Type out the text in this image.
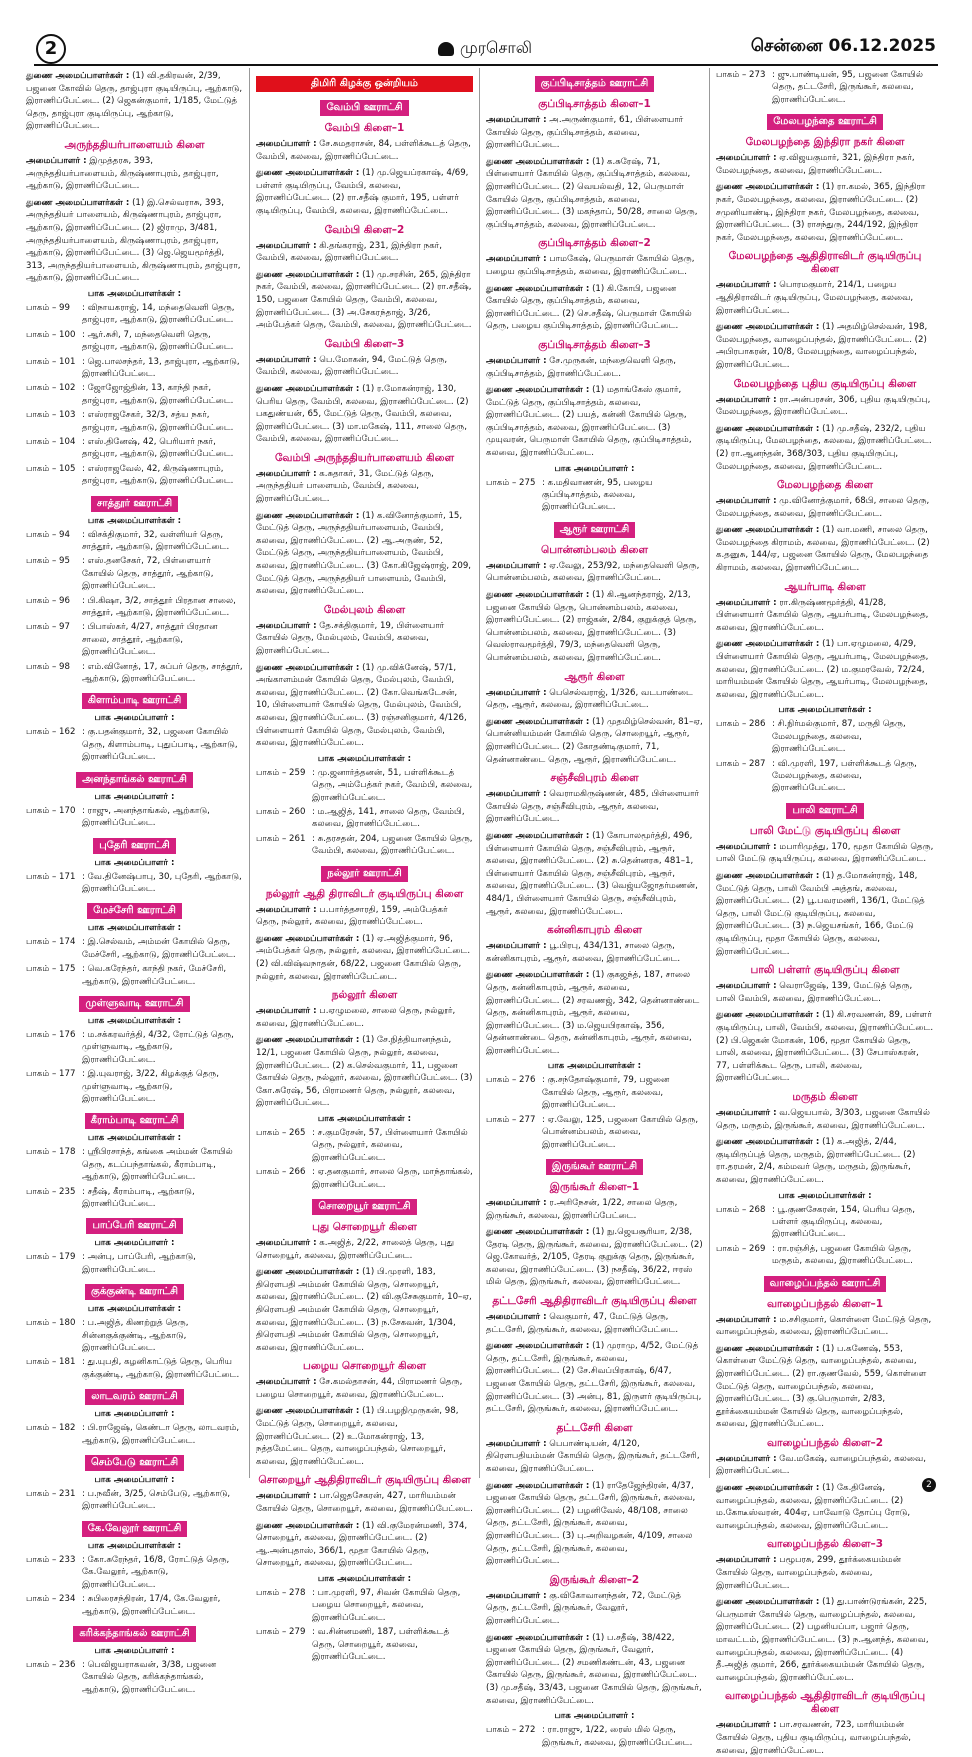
2	முரசொலி	சென்னை 06.12.2025
துணை அமைப்பாளர்கள் : (1) வி.தகிரவன், 2/39, பஜனை கோவில் தெரு, தாஜ்புரா குடியிருப்பு, ஆற்காடு, இராணிப்பேட்டை. (2) ஜெகன்குமார், 1/185, மேட்டுத் தெரு, தாஜ்புரா குடியிருப்பு, ஆற்காடு, இராணிப்பேட்டை.
அருந்ததியர்பாளையம் கிளை
அமைப்பாளர் : இமுத்தரசு, 393, அருந்ததியர்பாளையம், கிருஷ்ணாபுரம், தாஜ்புரா, ஆற்காடு, இராணிப்பேட்டை.
துணை அமைப்பாளர்கள் : (1) இ.செல்வராசு, 393, அருந்ததியர் பாளையம், கிருஷ்ணாபுரம், தாஜ்புரா, ஆற்காடு, இராணிப்பேட்டை. (2) ஜிராமு, 3/481, அருந்ததியர்பாளையம், கிருஷ்ணாபுரம், தாஜ்புரா, ஆற்காடு, இராணிப்பேட்டை. (3) ஜெ.ஜெயமூர்த்தி, 313, அருந்ததியர்பாளையம், கிருஷ்ணாபுரம், தாஜ்புரா, ஆற்காடு, இராணிப்பேட்டை.
பாக அமைப்பாளர்கள் :
பாகம் – 99	: விநாயகராஜ், 14, மந்தைவெளி தெரு, தாஜ்புரா, ஆற்காடு, இராணிப்பேட்டை.
பாகம் – 100 : ஆர்.சுசி, 7, மந்தைவெளி தெரு, தாஜ்புரா, ஆற்காடு, இராணிப்பேட்டை.
பாகம் – 101 : ஜெ.பாலசந்தர், 13, தாஜ்புரா, ஆற்காடு, இராணிப்பேட்டை.
பாகம் – 102 : ஜோஜோஜ்தின், 13, காந்தி நகர், தாஜ்புரா, ஆற்காடு, இராணிப்பேட்டை.
பாகம் – 103 : எஸ்ராஜசேகர், 32/3, சத்ய நகர், தாஜ்புரா, ஆற்காடு, இராணிப்பேட்டை.
பாகம் – 104 : எஸ்.தினேஷ், 42, பெரியார் நகர், தாஜ்புரா, ஆற்காடு, இராணிப்பேட்டை.
பாகம் – 105 : எஸ்ராஜவேல், 42, கிருஷ்ணாபுரம், தாஜ்புரா, ஆற்காடு, இராணிப்பேட்டை.
சாத்தூர் ஊராட்சி
பாக அமைப்பாளர்கள் :
பாகம் – 94	: விசக்திகுமார், 32, வள்ளியர் தெரு, சாத்தூர், ஆற்காடு, இராணிப்பேட்டை.
பாகம் – 95	: எஸ்.தனசேகர், 72, பிள்ளையார் கோயில் தெரு, சாத்தூர், ஆற்காடு, இராணிப்பேட்டை.
பாகம் – 96	: பி.கிஷா, 3/2, சாத்தூர் பிரதான சாலை, சாத்தூர், ஆற்காடு, இராணிப்பேட்டை.
பாகம் – 97	: பிபாஸ்கர், 4/27, சாத்தூர் பிரதான சாலை, சாத்தூர், ஆற்காடு, இராணிப்பேட்டை.
பாகம் – 98	: எம்.வினோத், 17, சுப்பர் தெரு, சாத்தூர், ஆற்காடு, இராணிப்பேட்டை.
கிளாம்பாடி ஊராட்சி
பாக அமைப்பாளர் :
பாகம் – 162 : கு.பதன்குமார், 32, பஜனை கோயில் தெரு, கிளாம்பாடி, புதுப்பாடி, ஆற்காடு, இராணிப்பேட்டை.
அனந்தாங்கல் ஊராட்சி
பாக அமைப்பாளர் :
பாகம் – 170 : ராஜு, அனந்தாங்கல், ஆற்காடு, இராணிப்பேட்டை.
புதேரி ஊராட்சி
பாக அமைப்பாளர் :
பாகம் – 171 : வே.தினேஷ்பாபு, 30, புதேரி, ஆற்காடு, இராணிப்பேட்டை.
மேச்சேரி ஊராட்சி
பாக அமைப்பாளர்கள் :
பாகம் – 174 : இ.செல்வம், அம்மன் கோயில் தெரு, மேச்சேரி, ஆற்காடு, இராணிப்பேட்டை.
பாகம் – 175 : வெ.கரேந்தர், காந்தி நகர், மேச்சேரி, ஆற்காடு, இராணிப்பேட்டை.
முள்ளுவாடி ஊராட்சி
பாக அமைப்பாளர்கள் :
பாகம் – 176 : ம.சக்கரவர்த்தி, 4/32, ரோட்டுத் தெரு, முள்ளுவாடி, ஆற்காடு, இராணிப்பேட்டை.
பாகம் – 177 : இ.யுவராஜ், 3/22, கிழக்குத் தெரு, முள்ளுவாடி, ஆற்காடு, இராணிப்பேட்டை.
கீராம்பாடி ஊராட்சி
பாக அமைப்பாளர்கள் :
பாகம் – 178 : ஸ்ரீபிரசாந்த், கங்கை அம்மன் கோயில் தெரு, கடப்பந்தாங்கல், கீராம்பாடி, ஆற்காடு, இராணிப்பேட்டை.
பாகம் – 235 : சதீஷ், கீராம்பாடி, ஆற்காடு, இராணிப்பேட்டை.
பாப்பேரி ஊராட்சி
பாக அமைப்பாளர் :
பாகம் – 179 : அன்பு, பாப்பேரி, ஆற்காடு, இராணிப்பேட்டை.
குக்குண்டி ஊராட்சி
பாக அமைப்பாளர்கள் :
பாகம் – 180 : ப.அஜித், கிணற்றுத் தெரு, சின்னகுக்குண்டி, ஆற்காடு, இராணிப்பேட்டை.
பாகம் – 181 : து.யுபதி, கழனிகாட்டுத் தெரு, பெரிய குக்குண்டி, ஆற்காடு, இராணிப்பேட்டை.
லாடவரம் ஊராட்சி
பாக அமைப்பாளர் :
பாகம் – 182 : பி.ராஜேஷ், கெண்டா தெரு, லாடவரம், ஆற்காடு, இராணிப்பேட்டை.
செம்பேடு ஊராட்சி
பாக அமைப்பாளர் :
பாகம் – 231 : ப.நவீன், 3/25, செம்பேடு, ஆற்காடு, இராணிப்பேட்டை.
கே.வேலூர் ஊராட்சி
பாக அமைப்பாளர்கள் :
பாகம் – 233 : கோ.சுரேந்தர், 16/8, ரோட்டுத் தெரு, கே.வேலூர், ஆற்காடு, இராணிப்பேட்டை.
பாகம் – 234 : சுபிரைசந்திரன், 17/4, கே.வேலூர், ஆற்காடு, இராணிப்பேட்டை.
கரிக்கந்தாங்கல் ஊராட்சி
பாக அமைப்பாளர் :
பாகம் – 236 : பெவிஜயராகவன், 3/38, பஜனை கோயில் தெரு, கரிக்கந்தாங்கல், ஆற்காடு, இராணிப்பேட்டை.
திமிரி கிழக்கு ஒன்றியம்
வேம்பி ஊராட்சி
வேம்பி கிளை–1
அமைப்பாளர் : சே.சுமதராசன், 84, பள்ளிக்கூடத் தெரு, வேம்பி, கலவை, இராணிப்பேட்டை.
துணை அமைப்பாளர்கள் : (1) மு.ஜெயப்ரகாஷ், 4/69, பள்ளர் குடியிருப்பு, வேம்பி, கலவை, இராணிப்பேட்டை. (2) ரா.சதீஷ் குமார், 195, பள்ளர் குடியிருப்பு, வேம்பி, கலவை, இராணிப்பேட்டை.
வேம்பி கிளை–2
அமைப்பாளர் : கி.தங்கராஜ், 231, இந்திரா நகர், வேம்பி, கலவை, இராணிப்பேட்டை.
துணை அமைப்பாளர்கள் : (1) மு.சரசின், 265, இந்திரா நகர், வேம்பி, கலவை, இராணிப்பேட்டை. (2) ரா.சதீஷ், 150, பஜனை கோயில் தெரு, வேம்பி, கலவை, இராணிப்பேட்டை. (3) அ.சேகரந்தாஜ், 3/26, அம்பேத்கர் தெரு, வேம்பி, கலவை, இராணிப்பேட்டை.
வேம்பி கிளை–3
அமைப்பாளர் : பெ.மோகன், 94, மேட்டுத் தெரு, வேம்பி, கலவை, இராணிப்பேட்டை.
துணை அமைப்பாளர்கள் : (1) ர.மோகன்ராஜ், 130, பெரிய தெரு, வேம்பி, கலவை, இராணிப்பேட்டை. (2) பகதுண்யன், 65, மேட்டுத் தெரு, வேம்பி, கலவை, இராணிப்பேட்டை. (3) மா.மகேஷ், 111, சாலை தெரு, வேம்பி, கலவை, இராணிப்பேட்டை.
வேம்பி அருந்ததியர்பாளையம் கிளை
அமைப்பாளர் : க.சுதாகர், 31, மேட்டுத் தெரு, அருந்ததியர் பாளையம், வேம்பி, கலவை, இராணிப்பேட்டை.
துணை அமைப்பாளர்கள் : (1) க.வினோத்குமார், 15, மேட்டுத் தெரு, அருந்ததியர்பாளையம், வேம்பி, கலவை, இராணிப்பேட்டை. (2) ஆ.அருண், 52, மேட்டுத் தெரு, அருந்ததியர்பாளையம், வேம்பி, கலவை, இராணிப்பேட்டை. (3) கோ.கிஜேஷ்ராஜ், 209, மேட்டுத் தெரு, அருந்ததியர் பாளையம், வேம்பி, கலவை, இராணிப்பேட்டை.
மேல்புலம் கிளை
அமைப்பாளர் : தே.சக்திகுமார், 19, பிள்ளையார் கோயில் தெரு, மேல்புலம், வேம்பி, கலவை, இராணிப்பேட்டை.
துணை அமைப்பாளர்கள் : (1) மு.விக்னேஷ், 57/1, அங்காளம்மன் கோயில் தெரு, மேல்புலம், வேம்பி, கலவை, இராணிப்பேட்டை. (2) கோ.வெங்கடேசன், 10, பிள்ளையார் கோயில் தெரு, மேல்புலம், வேம்பி, கலவை, இராணிப்பேட்டை. (3) ரஞ்சனிகுமார், 4/126, பிள்ளையார் கோயில் தெரு, மேல்புலம், வேம்பி, கலவை, இராணிப்பேட்டை.
பாக அமைப்பாளர்கள் :
பாகம் – 259 : மு.ஜனார்த்தனன், 51, பள்ளிக்கூடத் தெரு, அம்பேத்கர் நகர், வேம்பி, கலவை, இராணிப்பேட்டை.
பாகம் – 260 : ம.ஆஜித், 141, சாலை தெரு, வேம்பி, கலவை, இராணிப்பேட்டை.
பாகம் – 261 : சு.தரசதன், 204, பஜனை கோயில் தெரு, வேம்பி, கலவை, இராணிப்பேட்டை.
நல்லூர் ஊராட்சி
நல்லூர் ஆதி திராவிடர் குடியிருப்பு கிளை
அமைப்பாளர் : ப.பார்த்தசாரதி, 159, அம்பேத்கர் தெரு, நல்லூர், கலவை, இராணிப்பேட்டை.
துணை அமைப்பாளர்கள் : (1) ஏ.அஜித்குமார், 96, அம்பேத்கர் தெரு, நல்லூர், கலவை, இராணிப்பேட்டை. (2) வி.விஷ்வநாதன், 68/22, பஜனை கோயில் தெரு, நல்லூர், கலவை, இராணிப்பேட்டை.
நல்லூர் கிளை
அமைப்பாளர் : ப.ஏழுமலை, சாலை தெரு, நல்லூர், கலவை, இராணிப்பேட்டை.
துணை அமைப்பாளர்கள் : (1) சே.நித்தியானந்தம், 12/1, பஜனை கோயில் தெரு, நல்லூர், கலவை, இராணிப்பேட்டை. (2) க.செல்வகுமார், 11, பஜனை கோயில் தெரு, நல்லூர், கலவை, இராணிப்பேட்டை. (3) கோ.சுரேஷ், 56, பிராமணர் தெரு, நல்லூர், கலவை, இராணிப்பேட்டை.
பாக அமைப்பாளர்கள் :
பாகம் – 265 : ச.குமரேசன், 57, பிள்ளையார் கோயில் தெரு, நல்லூர், கலவை, இராணிப்பேட்டை.
பாகம் – 266 : ஏ.தனகுமார், சாலை தெரு, மாந்தாங்கல், இராணிப்பேட்டை.
சொறையூர் ஊராட்சி
புது சொறையூர் கிளை
அமைப்பாளர் : க.அஜித், 2/22, சாலைத் தெரு, புது சொறையூர், கலவை, இராணிப்பேட்டை.
துணை அமைப்பாளர்கள் : (1) பி.முரளி, 183, திரௌபதி அம்மன் கோயில் தெரு, சொறையூர், கலவை, இராணிப்பேட்டை. (2) வி.குசேசுகுமார், 10–ஏ, திரௌபதி அம்மன் கோயில் தெரு, சொறையூர், கலவை, இராணிப்பேட்டை. (3) ந.சேகவன், 1/304, திரௌபதி அம்மன் கோயில் தெரு, சொறையூர், கலவை, இராணிப்பேட்டை.
பழைய சொறையூர் கிளை
அமைப்பாளர் : சே.கமல்தாசன், 44, பிராமணர் தெரு, பழைய சொறையூர், கலவை, இராணிப்பேட்டை.
துணை அமைப்பாளர்கள் : (1) பி.பழநிமுருகன், 98, மேட்டுத் தெரு, சொறையூர், கலவை, இராணிப்பேட்டை. (2) உ.மோகன்ராஜ், 13, நத்தமேட்டை தெரு, வாழைப்பந்தல், சொறையூர், கலவை, இராணிப்பேட்டை.
சொறையூர் ஆதிதிராவிடர் குடியிருப்பு கிளை
அமைப்பாளர் : பா.ஜெதசேகரன், 427, மாரியம்மன் கோயில் தெரு, சொறையூர், கலவை, இராணிப்பேட்டை.
துணை அமைப்பாளர்கள் : (1) வி.குமேரன்மணி, 374, சொறையூர், கலவை, இராணிப்பேட்டை. (2) ஆ.அன்புதாஸ், 366/1, மூதா கோயில் தெரு, சொறையூர், கலவை, இராணிப்பேட்டை.
பாக அமைப்பாளர்கள் :
பாகம் – 278 : பா.முரளி, 97, சிவன் கோயில் தெரு, பழைய சொறையூர், கலவை, இராணிப்பேட்டை.
பாகம் – 279 : வ.சின்னமணி, 187, பள்ளிக்கூடத் தெரு, சொறையூர், கலவை, இராணிப்பேட்டை.
குப்பிடிசாத்தம் ஊராட்சி
குப்பிடிசாத்தம் கிளை–1
அமைப்பாளர் : அ.அருண்குமார், 61, பிள்ளையார் கோயில் தெரு, குப்பிடிசாத்தம், கலவை, இராணிப்பேட்டை.
துணை அமைப்பாளர்கள் : (1) க.சுரேஷ், 71, பிள்ளையார் கோயில் தெரு, குப்பிடிசாத்தம், கலவை, இராணிப்பேட்டை. (2) வெயல்வதி, 12, பெருமாள் கோயில் தெரு, குப்பிடிசாத்தம், கலவை, இராணிப்பேட்டை. (3) மகந்தாப், 50/28, சாலை தெரு, குப்பிடிசாத்தம், கலவை, இராணிப்பேட்டை.
குப்பிடிசாத்தம் கிளை–2
அமைப்பாளர் : பாமகேஷ், பெருமாள் கோயில் தெரு, பழைய குப்பிடிசாத்தம், கலவை, இராணிப்பேட்டை.
துணை அமைப்பாளர்கள் : (1) கி.கோபி, பஜனை கோயில் தெரு, குப்பிடிசாத்தம், கலவை, இராணிப்பேட்டை. (2) செ.சதீஷ், பெருமாள் கோயில் தெரு, பழைய குப்பிடிசாத்தம், இராணிப்பேட்டை.
குப்பிடிசாத்தம் கிளை–3
அமைப்பாளர் : சே.முருகன், மந்தைவெளி தெரு, குப்பிடிசாத்தம், இராணிப்பேட்டை.
துணை அமைப்பாளர்கள் : (1) மதாங்கேஸ் குமார், மேட்டுத் தெரு, குப்பிடிசாத்தம், கலவை, இராணிப்பேட்டை. (2) பயத், கன்னி கோயில் தெரு, குப்பிடிசாத்தம், கலவை, இராணிப்பேட்டை. (3) முயுவரன், பெருமாள் கோயில் தெரு, குப்பிடிசாத்தம், கலவை, இராணிப்பேட்டை.
பாக அமைப்பாளர் :
பாகம் – 275 : க.மதிவாணன், 95, பழைய குப்பிடிசாத்தம், கலவை, இராணிப்பேட்டை.
ஆரூர் ஊராட்சி
பொன்னம்பலம் கிளை
அமைப்பாளர் : ஏ.வேலு, 253/92, மந்தைவெளி தெரு, பொன்னம்பலம், கலவை, இராணிப்பேட்டை.
துணை அமைப்பாளர்கள் : (1) கி.ஆனந்தராஜ், 2/13, பஜனை கோயில் தெரு, பொன்னம்பலம், கலவை, இராணிப்பேட்டை. (2) ராஜ்கன், 2/84, குறுக்குத் தெரு, பொன்னம்பலம், கலவை, இராணிப்பேட்டை. (3) வெஸ்ராவமூர்த்தி, 79/3, மந்தைவெளி தெரு, பொன்னம்பலம், கலவை, இராணிப்பேட்டை.
ஆரூர் கிளை
அமைப்பாளர் : பெசெல்வராஜ், 1/326, வடபாண்டை தெரு, ஆரூர், கலவை, இராணிப்பேட்டை.
துணை அமைப்பாளர்கள் : (1) முதமிழ்செல்வன், 81–ஏ, பொன்னியம்மன் கோயில் தெரு, சொறையூர், ஆரூர், இராணிப்பேட்டை. (2) கோதண்டிகுமார், 71, தென்னாண்டை தெரு, ஆரூர், இராணிப்பேட்டை.
சஞ்சீவிபுரம் கிளை
அமைப்பாளர் : வெராமகிருஷ்ணன், 485, பிள்ளையார் கோயில் தெரு, சஞ்சீவிபுரம், ஆரூர், கலவை, இராணிப்பேட்டை.
துணை அமைப்பாளர்கள் : (1) கோபாலமூர்த்தி, 496, பிள்ளையார் கோயில் தெரு, சஞ்சீவிபுரம், ஆரூர், கலவை, இராணிப்பேட்டை. (2) சு.தென்னரசு, 481–1, பிள்ளையார் கோயில் தெரு, சஞ்சீவிபுரம், ஆரூர், கலவை, இராணிப்பேட்டை. (3) வெஜ்யஜோதர்மணன், 484/1, பிள்ளையார் கோயில் தெரு, சஞ்சீவிபுரம், ஆரூர், கலவை, இராணிப்பேட்டை.
கன்னிகாபுரம் கிளை
அமைப்பாளர் : பூ.பிரபு, 434/131, சாலை தெரு, கன்னிகாபுரம், ஆரூர், கலவை, இராணிப்பேட்டை.
துணை அமைப்பாளர்கள் : (1) குகஜந்த், 187, சாலை தெரு, கன்னிகாபுரம், ஆரூர், கலவை, இராணிப்பேட்டை. (2) சரவணஜ், 342, தென்னாண்டை தெரு, கன்னிகாபுரம், ஆரூர், கலவை, இராணிப்பேட்டை. (3) ம.ஜெயபிரகாஷ், 356, தென்னாண்டை தெரு, கன்னிகாபுரம், ஆரூர், கலவை, இராணிப்பேட்டை.
பாக அமைப்பாளர்கள் :
பாகம் – 276 : கு.சந்தோஷ்குமார், 79, பஜனை கோயில் தெரு, ஆரூர், கலவை, இராணிப்பேட்டை.
பாகம் – 277 : ஏ.வேலு, 125, பஜனை கோயில் தெரு, பொன்னம்பலம், கலவை, இராணிப்பேட்டை.
இருங்கூர் ஊராட்சி
இருங்கூர் கிளை–1
அமைப்பாளர் : ர.அரிநேசன், 1/22, சாலை தெரு, இருங்கூர், கலவை, இராணிப்பேட்டை.
துணை அமைப்பாளர்கள் : (1) நு.ஜெயசூரியா, 2/38, தேரடி தெரு, இருங்கூர், கலவை, இராணிப்பேட்டை. (2) ஜெ.கோவர்த், 2/105, தேரடி குறுக்கு தெரு, இருங்கூர், கலவை, இராணிப்பேட்டை. (3) நசதீஷ், 36/22, ஈரஸ் மில் தெரு, இருங்கூர், கலவை, இராணிப்பேட்டை.
தட்டசேரி ஆதிதிராவிடர் குடியிருப்பு கிளை
அமைப்பாளர் : வெகுமார், 47, மேட்டுத் தெரு, தட்டசேரி, இருங்கூர், கலவை, இராணிப்பேட்டை.
துணை அமைப்பாளர்கள் : (1) முராமு, 4/52, மேட்டுத் தெரு, தட்டசேரி, இருங்கூர், கலவை, இராணிப்பேட்டை. (2) சே.சிவப்பிரகாஷ், 6/47, பஜனை கோயில் தெரு, தட்டசேரி, இருங்கூர், கலவை, இராணிப்பேட்டை. (3) அன்பு, 81, இருளர் குடியிருப்பு, தட்டசேரி, இருங்கூர், கலவை, இராணிப்பேட்டை.
தட்டசேரி கிளை
அமைப்பாளர் : பெபாண்டியன், 4/120, திரௌபதியம்மன் கோயில் தெரு, இருங்கூர், தட்டசேரி, கலவை, இராணிப்பேட்டை.
துணை அமைப்பாளர்கள் : (1) ராதேஜேந்திரன், 4/37, பஜனை கோயில் தெரு, தட்டசேரி, இருங்கூர், கலவை, இராணிப்பேட்டை. (2) பழனிவேல், 48/108, சாலை தெரு, தட்டசேரி, இருங்கூர், கலவை, இராணிப்பேட்டை. (3) பு.அறிவழகன், 4/109, சாலை தெரு, தட்டசேரி, இருங்கூர், கலவை, இராணிப்பேட்டை.
இருங்கூர் கிளை–2
அமைப்பாளர் : கு.விகோவானந்தன், 72, மேட்டுத் தெரு, தட்டசேரி, இருங்கூர், வேலூர், இராணிப்பேட்டை.
துணை அமைப்பாளர்கள் : (1) ப.சதீஷ், 38/422, பஜனை கோயில் தெரு, இருங்கூர், வேலூர், இராணிப்பேட்டை. (2) சமணிகண்டன், 43, பஜனை கோயில் தெரு, இருங்கூர், கலவை, இராணிப்பேட்டை. (3) மு.சதீஷ், 33/43, பஜனை கோயில் தெரு, இருங்கூர், கலவை, இராணிப்பேட்டை.
பாக அமைப்பாளர் :
பாகம் – 272 : ரா.ராஜு, 1/22, ரைஸ் மில் தெரு, இருங்கூர், கலவை, இராணிப்பேட்டை.
பாகம் – 273 : ஜு.பாண்டியன், 95, பஜனை கோயில் தெரு, தட்டசேரி, இருங்கூர், கலவை, இராணிப்பேட்டை.
மேலபழந்தை ஊராட்சி
மேலபழந்தை இந்திரா நகர் கிளை
அமைப்பாளர் : ஏ.விஜயகுமார், 321, இந்திரா நகர், மேலபழந்தை, கலவை, இராணிப்பேட்டை.
துணை அமைப்பாளர்கள் : (1) ரா.கமல், 365, இந்திரா நகர், மேலபழந்தை, கலவை, இராணிப்பேட்டை. (2) சமுனியாண்டி, இந்திரா நகர், மேலபழந்தை, கலவை, இராணிப்பேட்டை. (3) ராசந்துரு, 244/192, இந்திரா நகர், மேலபழந்தை, கலவை, இராணிப்பேட்டை.
மேலபழந்தை ஆதிதிராவிடர் குடியிருப்பு கிளை
அமைப்பாளர் : பொரமகுமார், 214/1, பழைய ஆதிதிராவிடர் குடியிருப்பு, மேலபழந்தை, கலவை, இராணிப்பேட்டை.
துணை அமைப்பாளர்கள் : (1) அதமிழ்செல்வன், 198, மேலபழந்தை, வாழைப்பந்தல், இராணிப்பேட்டை. (2) அபிரபாகரன், 10/8, மேலபழந்தை, வாழைப்பந்தல், இராணிப்பேட்டை.
மேலபழந்தை புதிய குடியிருப்பு கிளை
அமைப்பாளர் : ரா.அன்பரசன், 306, புதிய குடியிருப்பு, மேலபழந்தை, இராணிப்பேட்டை.
துணை அமைப்பாளர்கள் : (1) மு.சதீஷ், 232/2, புதிய குடியிருப்பு, மேலபழந்தை, கலவை, இராணிப்பேட்டை. (2) ரா.ஆனந்தன், 368/303, புதிய குடியிருப்பு, மேலபழந்தை, கலவை, இராணிப்பேட்டை.
மேலபழந்தை கிளை
அமைப்பாளர் : மு.வினோத்குமார், 68பி, சாலை தெரு, மேலபழந்தை, கலவை, இராணிப்பேட்டை.
துணை அமைப்பாளர்கள் : (1) வா.மணி, சாலை தெரு, மேலபழந்தை கிராமம், கலவை, இராணிப்பேட்டை. (2) க.தனுசு, 144/ஏ, பஜனை கோயில் தெரு, மேலபழந்தை கிராமம், கலவை, இராணிப்பேட்டை.
ஆயர்பாடி கிளை
அமைப்பாளர் : ரா.கிருஷ்ணமூர்த்தி, 41/28, பிள்ளையார் கோயில் தெரு, ஆயர்பாடி, மேலபழந்தை, கலவை, இராணிப்பேட்டை.
துணை அமைப்பாளர்கள் : (1) பா.ஏழுமலை, 4/29, பிள்ளையார் கோயில் தெரு, ஆயர்பாடி, மேலபழந்தை, கலவை, இராணிப்பேட்டை. (2) ம.குமரவேல், 72/24, மாரியம்மன் கோயில் தெரு, ஆயர்பாடி, மேலபழந்தை, கலவை, இராணிப்பேட்டை.
பாக அமைப்பாளர்கள் :
பாகம் – 286 : சி.நிர்மல்குமார், 87, மருதி தெரு, மேலபழந்தை, கலவை, இராணிப்பேட்டை.
பாகம் – 287 : வி.முரளி, 197, பள்ளிக்கூடத் தெரு, மேலபழந்தை, கலவை, இராணிப்பேட்டை.
பாலி ஊராட்சி
பாலி மேட்டு குடியிருப்பு கிளை
அமைப்பாளர் : மபாரிமுத்து, 170, மூதா கோயில் தெரு, பாலி மேட்டு குடியிருப்பு, கலவை, இராணிப்பேட்டை.
துணை அமைப்பாளர்கள் : (1) த.மோகன்ராஜ், 148, மேட்டுத் தெரு, பாலி வேம்பி அத்தங், கலவை, இராணிப்பேட்டை. (2) பூ.பவரமணி, 136/1, மேட்டுத் தெரு, பாலி மேட்டு குடியிருப்பு, கலவை, இராணிப்பேட்டை. (3) ந.ஜெயசங்கர், 166, மேட்டு குடியிருப்பு, மூதா கோயில் தெரு, கலவை, இராணிப்பேட்டை.
பாலி பள்ளர் குடியிருப்பு கிளை
அமைப்பாளர் : வெராஜேஷ், 139, மேட்டுத் தெரு, பாலி வேம்பி, கலவை, இராணிப்பேட்டை.
துணை அமைப்பாளர்கள் : (1) கி.சரவணன், 89, பள்ளர் குடியிருப்பு, பாலி, வேம்பி, கலவை, இராணிப்பேட்டை. (2) பி.ஜெகன் மோகன், 106, மூதா கோயில் தெரு, பாலி, கலவை, இராணிப்பேட்டை. (3) சேபாஸ்கரன், 77, பள்ளிக்கூட தெரு, பாலி, கலவை, இராணிப்பேட்டை.
மருதம் கிளை
அமைப்பாளர் : வ.ஜெயபால், 3/303, பஜனை கோயில் தெரு, மருதம், இருங்கூர், கலவை, இராணிப்பேட்டை.
துணை அமைப்பாளர்கள் : (1) க.அஜித், 2/44, குடியிருப்புத் தெரு, மருதம், இராணிப்பேட்டை. (2) ரா.தரமன், 2/4, கம்மவர் தெரு, மருதம், இருங்கூர், கலவை, இராணிப்பேட்டை.
பாக அமைப்பாளர்கள் :
பாகம் – 268 : பூ.குணசேகரன், 154, பெரிய தெரு, பள்ளர் குடியிருப்பு, கலவை, இராணிப்பேட்டை.
பாகம் – 269 : ரா.ரஞ்சித், பஜனை கோயில் தெரு, மருதம், கலவை, இராணிப்பேட்டை.
வாழைப்பந்தல் ஊராட்சி
வாழைப்பந்தல் கிளை–1
அமைப்பாளர் : ம.சசிகுமார், கொள்ளை மேட்டுத் தெரு, வாழைப்பந்தல், கலவை, இராணிப்பேட்டை.
துணை அமைப்பாளர்கள் : (1) ப.கணேஷ், 553, கொள்ளை மேட்டுத் தெரு, வாழைப்பந்தல், கலவை, இராணிப்பேட்டை. (2) ரா.குணவேல், 559, கொள்ளை மேட்டுத் தெரு, வாழைப்பந்தல், கலவை, இராணிப்பேட்டை. (3) கு.பெருமாள், 2/83, தூர்க்கையம்மன் கோயில் தெரு, வாழைப்பந்தல், கலவை, இராணிப்பேட்டை.
வாழைப்பந்தல் கிளை–2
அமைப்பாளர் : வே.மகேஷ், வாழைப்பந்தல், கலவை, இராணிப்பேட்டை.
துணை அமைப்பாளர்கள் : (1) கே.தினேஷ், வாழைப்பந்தல், கலவை, இராணிப்பேட்டை. (2) ம.கோடீஸ்வரன், 404ஏ, பாவோடு தோப்பு ரோடு, வாழைப்பந்தல், கலவை, இராணிப்பேட்டை.
வாழைப்பந்தல் கிளை–3
அமைப்பாளர் : பழூபரசு, 299, தூர்க்கையம்மன் கோயில் தெரு, வாழைப்பந்தல், கலவை, இராணிப்பேட்டை.
துணை அமைப்பாளர்கள் : (1) து.பாண்டுரங்கன், 225, பெருமாள் கோயில் தெரு, வாழைப்பந்தல், கலவை, இராணிப்பேட்டை. (2) பழனியப்பா, பஜார் தெரு, மாவட்டம், இராணிப்பேட்டை. (3) ந.ஆனந்த், கலவை, வாழைப்பந்தல், கலவை, இராணிப்பேட்டை. (4) தீ.அஜித் குமார், 266, தூர்க்கையம்மன் கோயில் தெரு, வாழைப்பந்தல், இராணிப்பேட்டை.
வாழைப்பந்தல் ஆதிதிராவிடர் குடியிருப்பு கிளை
அமைப்பாளர் : பா.சரவணன், 723, மாரியம்மன் கோயில் தெரு, புதிய குடியிருப்பு, வாழைப்பந்தல், கலவை, இராணிப்பேட்டை.
2
